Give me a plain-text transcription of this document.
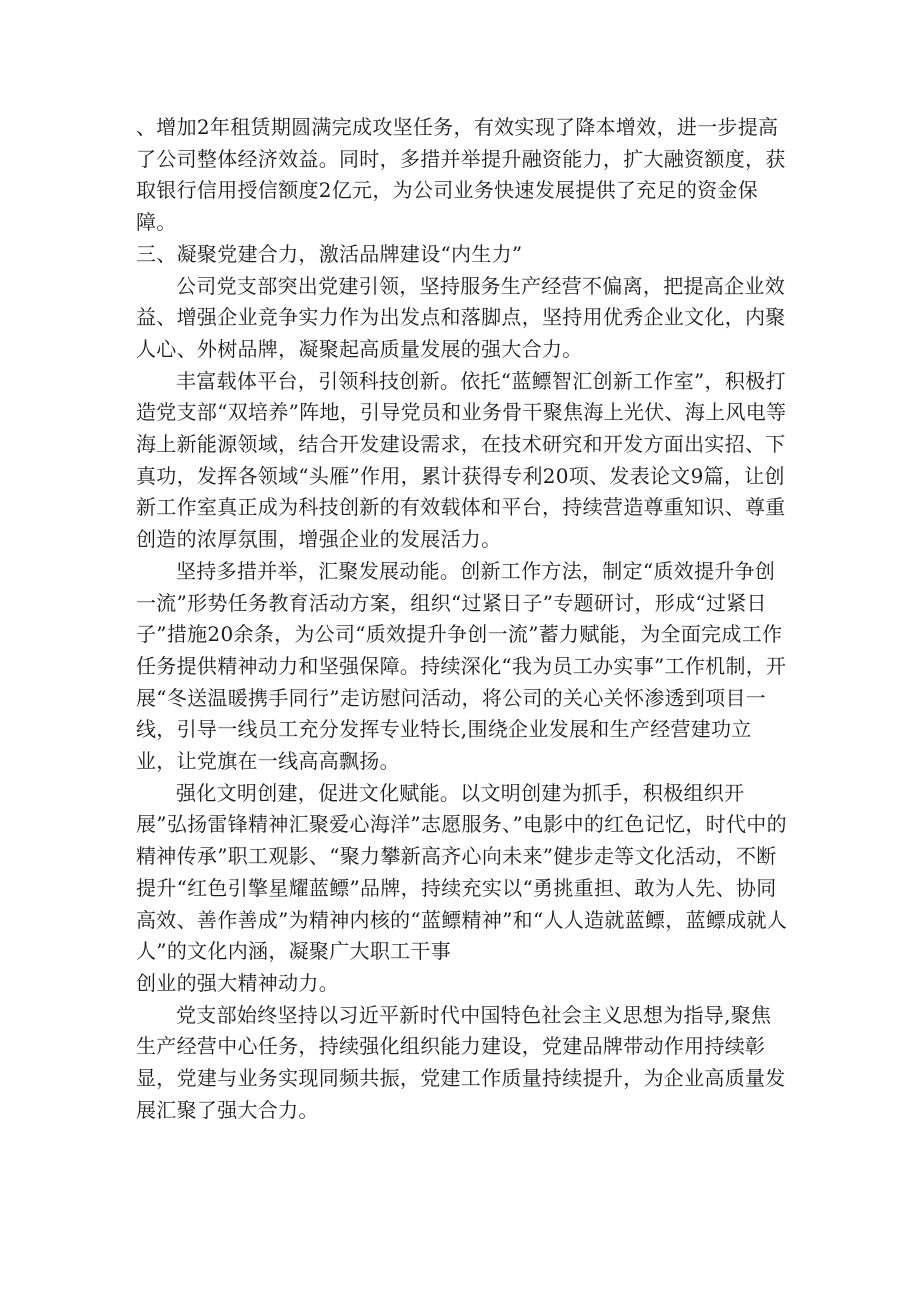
、增加2年租赁期圆满完成攻坚任务，有效实现了降本增效，进一步提高了公司整体经济效益。同时，多措并举提升融资能力，扩大融资额度，获取银行信用授信额度2亿元，为公司业务快速发展提供了充足的资金保障。

三、凝聚党建合力，激活品牌建设“内生力”

公司党支部突出党建引领，坚持服务生产经营不偏离，把提高企业效益、增强企业竞争实力作为出发点和落脚点，坚持用优秀企业文化，内聚人心、外树品牌，凝聚起高质量发展的强大合力。

丰富载体平台，引领科技创新。依托“蓝鳔智汇创新工作室”，积极打造党支部“双培养”阵地，引导党员和业务骨干聚焦海上光伏、海上风电等海上新能源领域，结合开发建设需求，在技术研究和开发方面出实招、下真功，发挥各领域“头雁”作用，累计获得专利20项、发表论文9篇，让创新工作室真正成为科技创新的有效载体和平台，持续营造尊重知识、尊重创造的浓厚氛围，增强企业的发展活力。

坚持多措并举，汇聚发展动能。创新工作方法，制定“质效提升争创一流”形势任务教育活动方案，组织“过紧日子”专题研讨，形成“过紧日子”措施20余条，为公司“质效提升争创一流”蓄力赋能，为全面完成工作任务提供精神动力和坚强保障。持续深化“我为员工办实事”工作机制，开展“冬送温暖携手同行”走访慰问活动，将公司的关心关怀渗透到项目一线，引导一线员工充分发挥专业特长,围绕企业发展和生产经营建功立业，让党旗在一线高高飘扬。

强化文明创建，促进文化赋能。以文明创建为抓手，积极组织开展”弘扬雷锋精神汇聚爱心海洋”志愿服务、”电影中的红色记忆，时代中的精神传承”职工观影、“聚力攀新高齐心向未来”健步走等文化活动，不断提升“红色引擎星耀蓝鳔”品牌，持续充实以“勇挑重担、敢为人先、协同高效、善作善成”为精神内核的“蓝鳔精神”和“人人造就蓝鳔，蓝鳔成就人人”的文化内涵，凝聚广大职工干事

创业的强大精神动力。

党支部始终坚持以习近平新时代中国特色社会主义思想为指导,聚焦生产经营中心任务，持续强化组织能力建设，党建品牌带动作用持续彰显，党建与业务实现同频共振，党建工作质量持续提升，为企业高质量发展汇聚了强大合力。
